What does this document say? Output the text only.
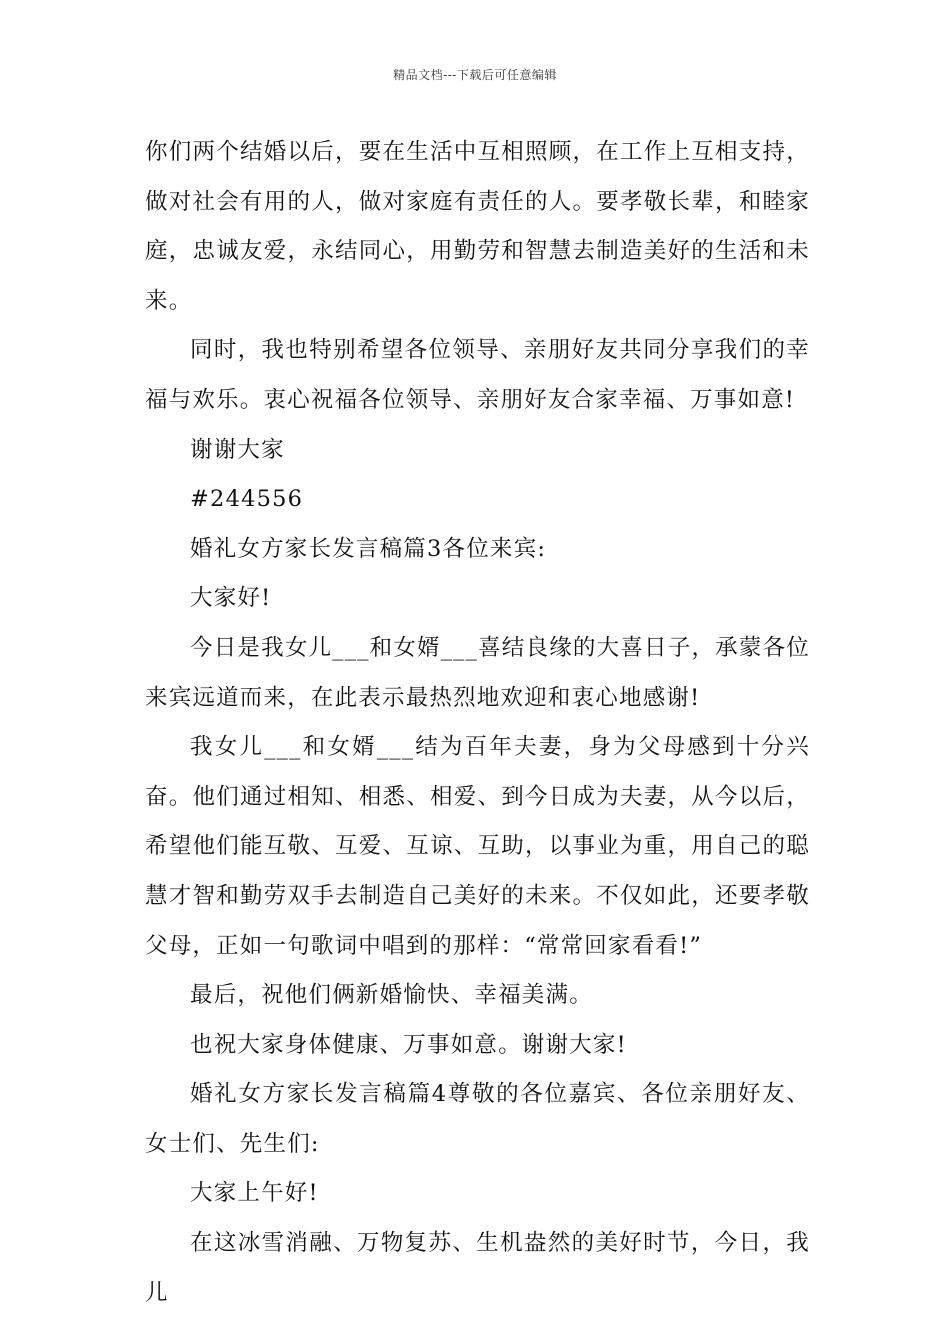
精品文档---下载后可任意编辑

你们两个结婚以后，要在生活中互相照顾，在工作上互相支持，做对社会有用的人，做对家庭有责任的人。要孝敬长辈，和睦家庭，忠诚友爱，永结同心，用勤劳和智慧去制造美好的生活和未来。

同时，我也特别希望各位领导、亲朋好友共同分享我们的幸福与欢乐。衷心祝福各位领导、亲朋好友合家幸福、万事如意!

谢谢大家

#244556

婚礼女方家长发言稿篇3各位来宾:

大家好!

今日是我女儿___和女婿___喜结良缘的大喜日子，承蒙各位来宾远道而来，在此表示最热烈地欢迎和衷心地感谢!

我女儿___和女婿___结为百年夫妻，身为父母感到十分兴奋。他们通过相知、相悉、相爱、到今日成为夫妻，从今以后，希望他们能互敬、互爱、互谅、互助，以事业为重，用自己的聪慧才智和勤劳双手去制造自己美好的未来。不仅如此，还要孝敬父母，正如一句歌词中唱到的那样：“常常回家看看!”

最后，祝他们俩新婚愉快、幸福美满。

也祝大家身体健康、万事如意。谢谢大家!

婚礼女方家长发言稿篇4尊敬的各位嘉宾、各位亲朋好友、女士们、先生们:

大家上午好!

在这冰雪消融、万物复苏、生机盎然的美好时节，今日，我儿
